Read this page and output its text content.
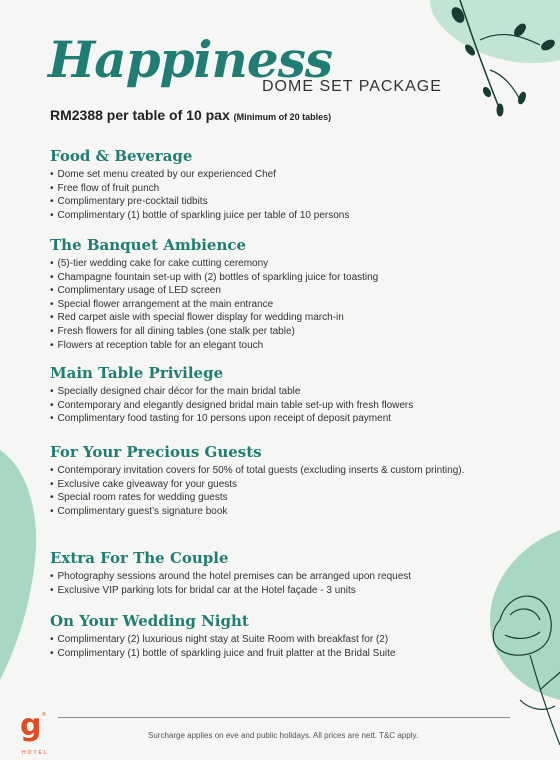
Happiness
DOME SET PACKAGE
RM2388 per table of 10 pax (Minimum of 20 tables)
Food & Beverage
• Dome set menu created by our experienced Chef
• Free flow of fruit punch
• Complimentary pre-cocktail tidbits
• Complimentary (1) bottle of sparkling juice per table of 10 persons
The Banquet Ambience
• (5)-tier wedding cake for cake cutting ceremony
• Champagne fountain set-up with (2) bottles of sparkling juice for toasting
• Complimentary usage of LED screen
• Special flower arrangement at the main entrance
• Red carpet aisle with special flower display for wedding march-in
• Fresh flowers for all dining tables (one stalk per table)
• Flowers at reception table for an elegant touch
Main Table Privilege
• Specially designed chair décor for the main bridal table
• Contemporary and elegantly designed bridal main table set-up with fresh flowers
• Complimentary food tasting for 10 persons upon receipt of deposit payment
For Your Precious Guests
• Contemporary invitation covers for 50% of total guests (excluding inserts & custom printing).
• Exclusive cake giveaway for your guests
• Special room rates for wedding guests
• Complimentary guest’s signature book
Extra For The Couple
• Photography sessions around the hotel premises can be arranged upon request
• Exclusive VIP parking lots for bridal car at the Hotel façade - 3 units
On Your Wedding Night
• Complimentary (2) luxurious night stay at Suite Room with breakfast for (2)
• Complimentary (1) bottle of sparkling juice and fruit platter at the Bridal Suite
Surcharge applies on eve and public holidays. All prices are nett. T&C apply.
g ®
HOTEL
